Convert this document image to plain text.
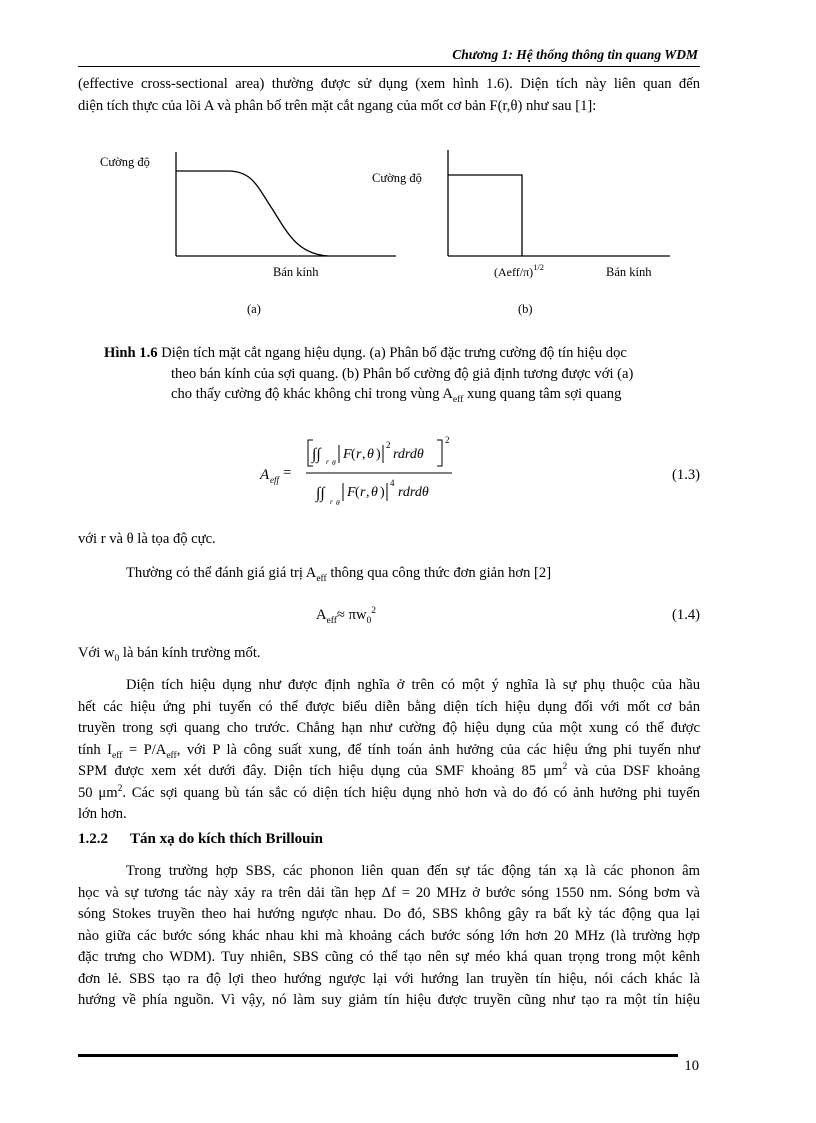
Chương 1: Hệ thống thông tin quang WDM
(effective cross-sectional area) thường được sử dụng (xem hình 1.6). Diện tích này liên quan đến
diện tích thực của lõi A và phân bố trên mặt cắt ngang của mốt cơ bản F(r,θ) như sau [1]:
Cường độ
Bán kính
(a)
Cường độ
(Aeff/π)$^{1/2}$	Bán kính
(b)
Hình 1.6 Diện tích mặt cắt ngang hiệu dụng. (a) Phân bố đặc trưng cường độ tín hiệu dọc
theo bán kính của sợi quang. (b) Phân bố cường độ giả định tương được với (a)
cho thấy cường độ khác không chỉ trong vùng $A_{eff}$ xung quang tâm sợi quang
A eff =
∫∫ r θ
F ( r , θ )
2
rdrdθ
2
∫∫ r θ
F ( r , θ )
4
rdrdθ
(1.3)
với r và θ là tọa độ cực.
Thường có thể đánh giá giá trị $A_{eff}$ thông qua công thức đơn giản hơn [2]
$A_{eff}\approx \pi w_0^2$	(1.4)
Với $w_0$ là bán kính trường mốt.
Diện tích hiệu dụng như được định nghĩa ở trên có một ý nghĩa là sự phụ thuộc của hầu
hết các hiệu ứng phi tuyến có thể được biểu diễn bằng diện tích hiệu dụng đối với mốt cơ bản
truyền trong sợi quang cho trước. Chẳng hạn như cường độ hiệu dụng của một xung có thể được
tính $I_{eff} = P/A_{eff}$, với P là công suất xung, để tính toán ảnh hưởng của các hiệu ứng phi tuyến như
SPM được xem xét dưới đây. Diện tích hiệu dụng của SMF khoảng 85 $\mu m^2$ và của DSF khoảng
50 $\mu m^2$. Các sợi quang bù tán sắc có diện tích hiệu dụng nhỏ hơn và do đó có ảnh hưởng phi tuyến
lớn hơn.
1.2.2 Tán xạ do kích thích Brillouin
Trong trường hợp SBS, các phonon liên quan đến sự tác động tán xạ là các phonon âm
học và sự tương tác này xảy ra trên dải tần hẹp Δf = 20 MHz ở bước sóng 1550 nm. Sóng bơm và
sóng Stokes truyền theo hai hướng ngược nhau. Do đó, SBS không gây ra bất kỳ tác động qua lại
nào giữa các bước sóng khác nhau khi mà khoảng cách bước sóng lớn hơn 20 MHz (là trường hợp
đặc trưng cho WDM). Tuy nhiên, SBS cũng có thể tạo nên sự méo khá quan trọng trong một kênh
đơn lẻ. SBS tạo ra độ lợi theo hướng ngược lại với hướng lan truyền tín hiệu, nói cách khác là
hướng về phía nguồn. Vì vậy, nó làm suy giảm tín hiệu được truyền cũng như tạo ra một tín hiệu
10
